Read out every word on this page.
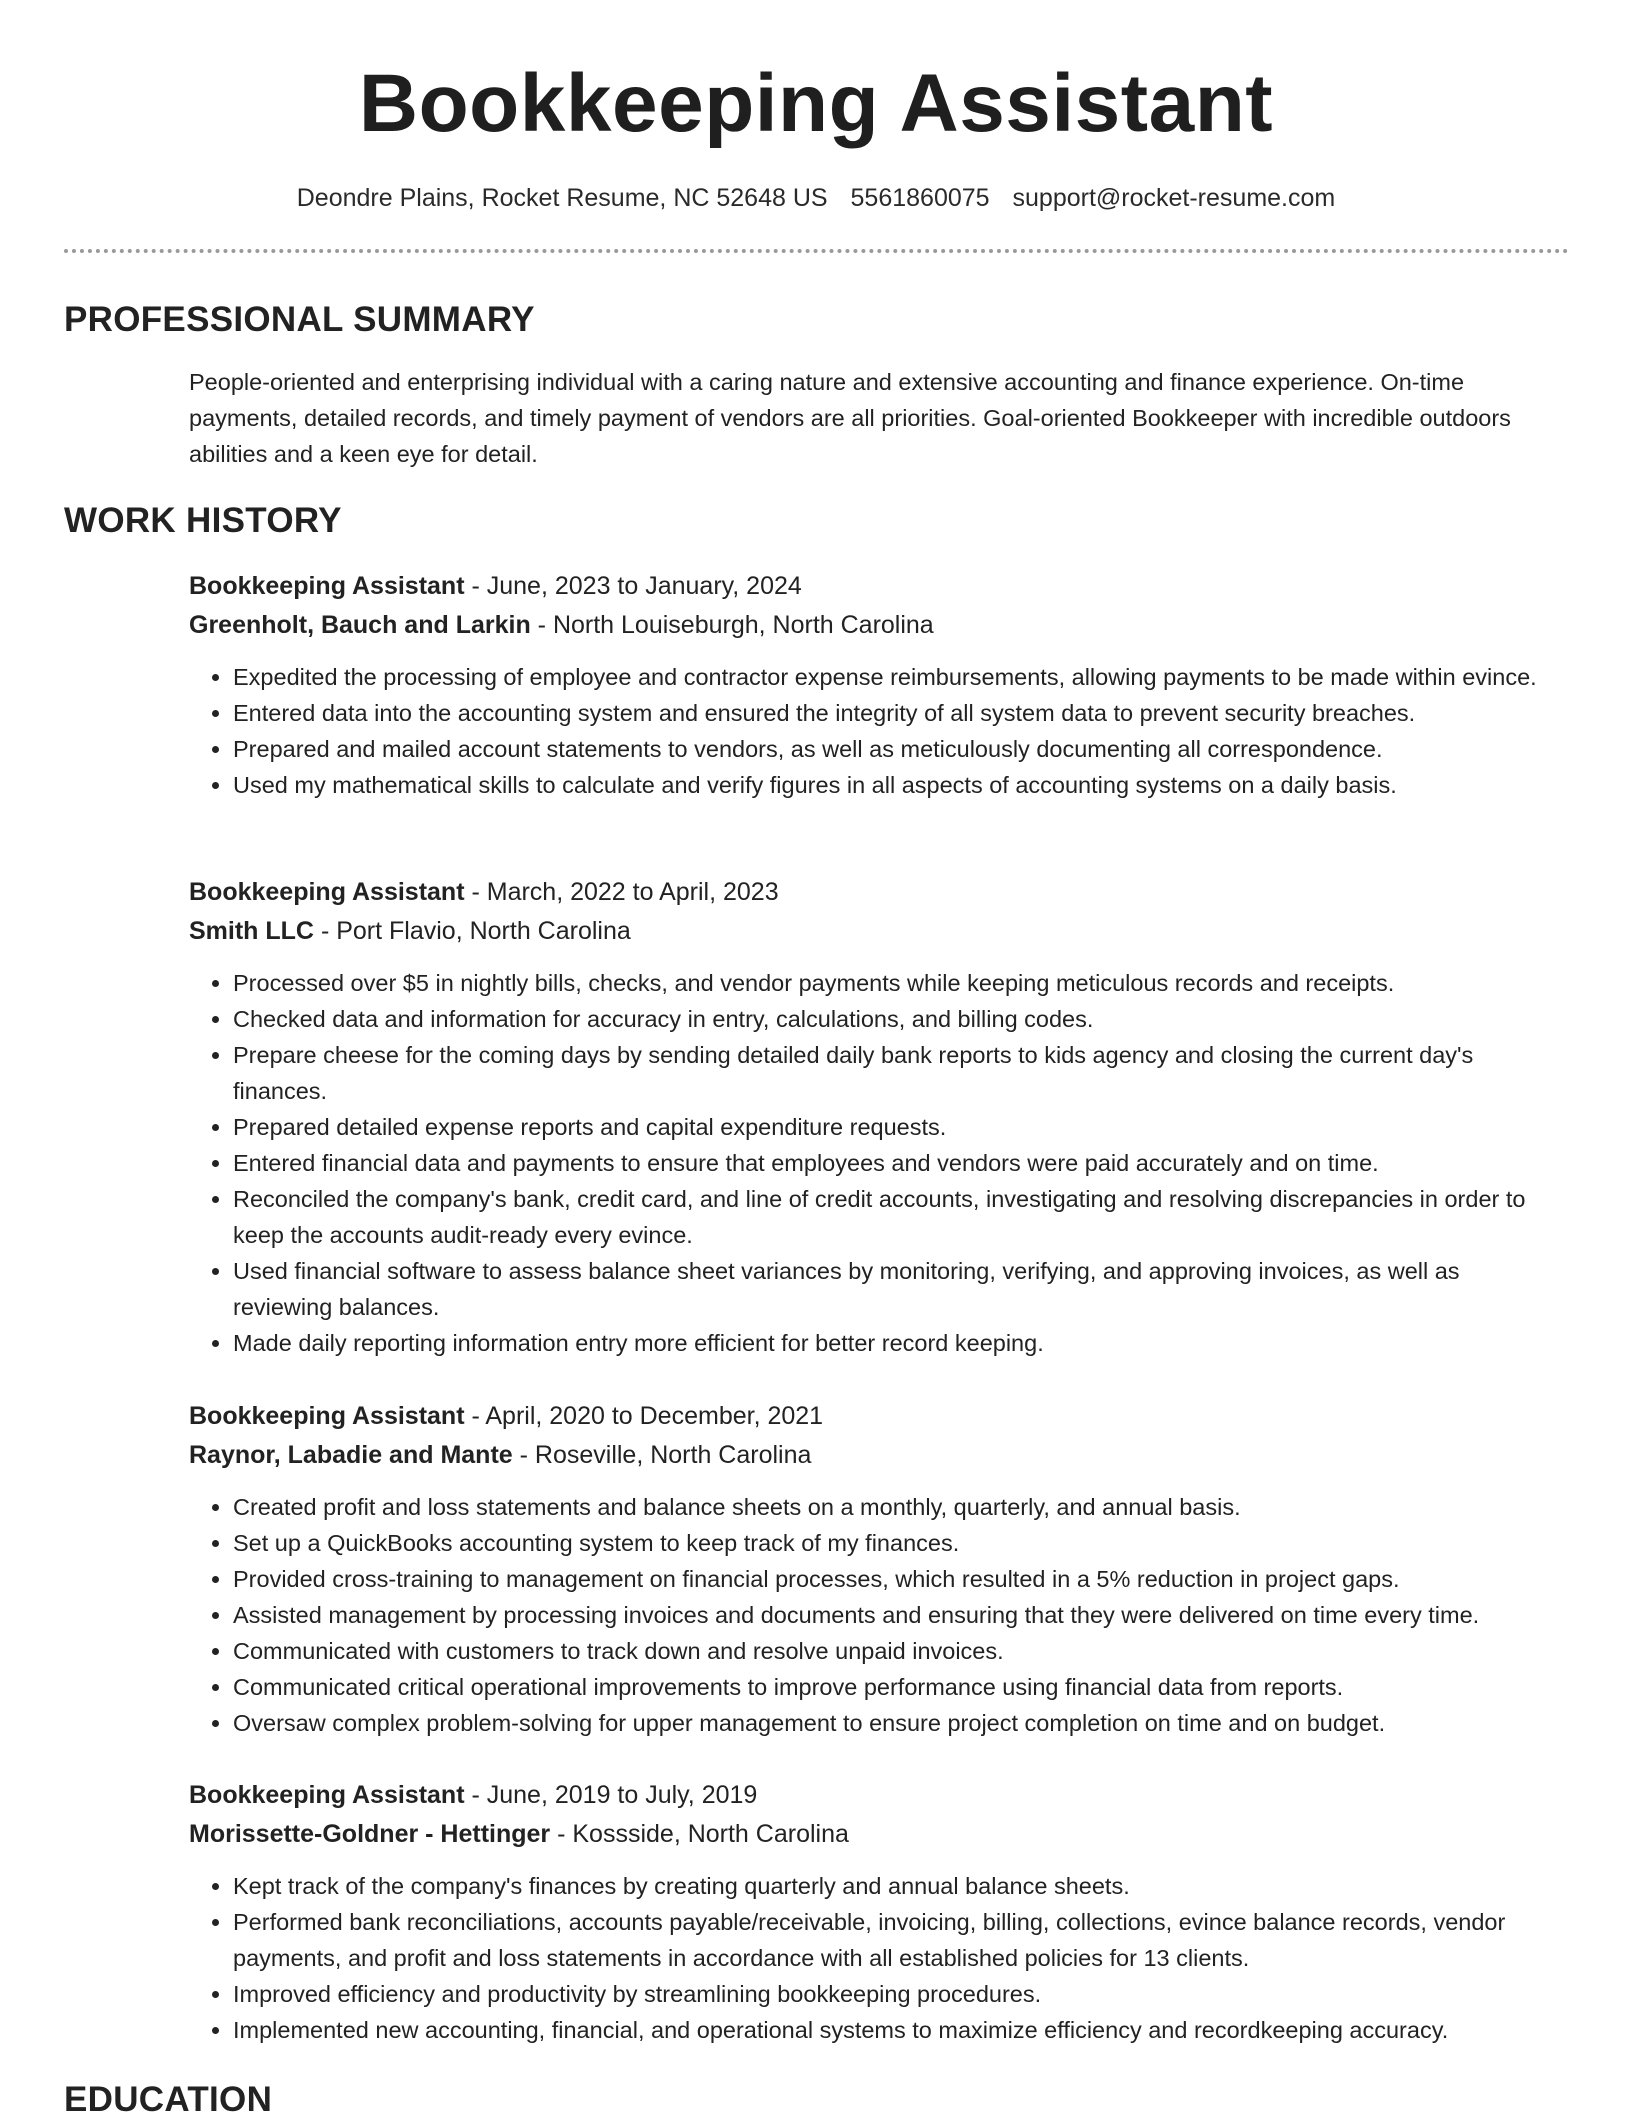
Bookkeeping Assistant
Deondre Plains, Rocket Resume, NC 52648 US 5561860075 support@rocket-resume.com
PROFESSIONAL SUMMARY
People-oriented and enterprising individual with a caring nature and extensive accounting and finance experience. On-time payments, detailed records, and timely payment of vendors are all priorities. Goal-oriented Bookkeeper with incredible outdoors abilities and a keen eye for detail.
WORK HISTORY
Bookkeeping Assistant - June, 2023 to January, 2024
Greenholt, Bauch and Larkin - North Louiseburgh, North Carolina
• Expedited the processing of employee and contractor expense reimbursements, allowing payments to be made within evince.
• Entered data into the accounting system and ensured the integrity of all system data to prevent security breaches.
• Prepared and mailed account statements to vendors, as well as meticulously documenting all correspondence.
• Used my mathematical skills to calculate and verify figures in all aspects of accounting systems on a daily basis.
Bookkeeping Assistant - March, 2022 to April, 2023
Smith LLC - Port Flavio, North Carolina
• Processed over $5 in nightly bills, checks, and vendor payments while keeping meticulous records and receipts.
• Checked data and information for accuracy in entry, calculations, and billing codes.
• Prepare cheese for the coming days by sending detailed daily bank reports to kids agency and closing the current day's finances.
• Prepared detailed expense reports and capital expenditure requests.
• Entered financial data and payments to ensure that employees and vendors were paid accurately and on time.
• Reconciled the company's bank, credit card, and line of credit accounts, investigating and resolving discrepancies in order to keep the accounts audit-ready every evince.
• Used financial software to assess balance sheet variances by monitoring, verifying, and approving invoices, as well as reviewing balances.
• Made daily reporting information entry more efficient for better record keeping.
Bookkeeping Assistant - April, 2020 to December, 2021
Raynor, Labadie and Mante - Roseville, North Carolina
• Created profit and loss statements and balance sheets on a monthly, quarterly, and annual basis.
• Set up a QuickBooks accounting system to keep track of my finances.
• Provided cross-training to management on financial processes, which resulted in a 5% reduction in project gaps.
• Assisted management by processing invoices and documents and ensuring that they were delivered on time every time.
• Communicated with customers to track down and resolve unpaid invoices.
• Communicated critical operational improvements to improve performance using financial data from reports.
• Oversaw complex problem-solving for upper management to ensure project completion on time and on budget.
Bookkeeping Assistant - June, 2019 to July, 2019
Morissette-Goldner - Hettinger - Kossside, North Carolina
• Kept track of the company's finances by creating quarterly and annual balance sheets.
• Performed bank reconciliations, accounts payable/receivable, invoicing, billing, collections, evince balance records, vendor payments, and profit and loss statements in accordance with all established policies for 13 clients.
• Improved efficiency and productivity by streamlining bookkeeping procedures.
• Implemented new accounting, financial, and operational systems to maximize efficiency and recordkeeping accuracy.
EDUCATION
